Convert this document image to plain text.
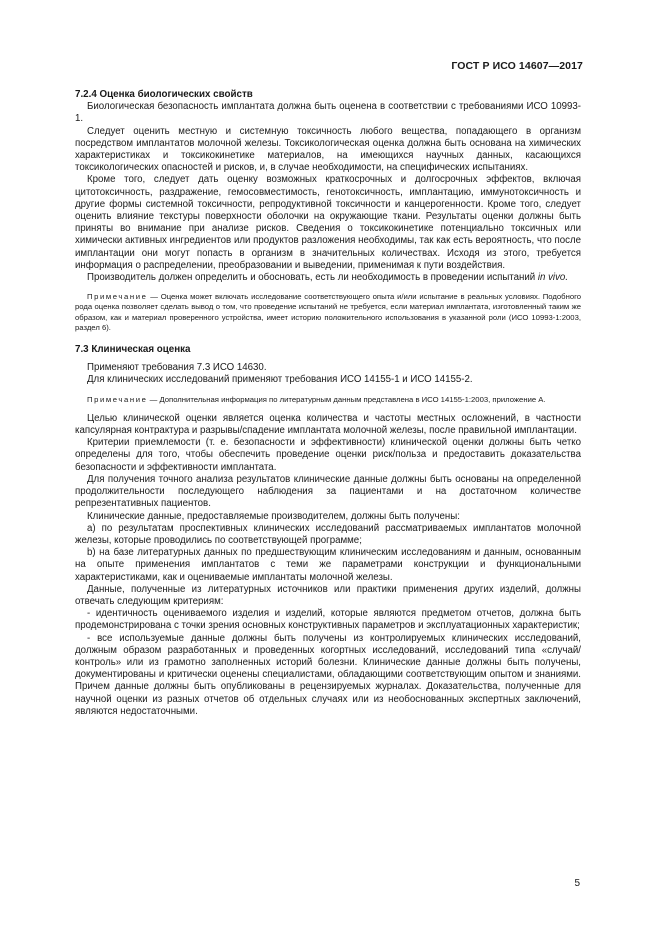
ГОСТ Р ИСО 14607—2017
7.2.4 Оценка биологических свойств

Биологическая безопасность имплантата должна быть оценена в соответствии с требованиями ИСО 10993-1.

Следует оценить местную и системную токсичность любого вещества, попадающего в организм посредством имплантатов молочной железы. Токсикологическая оценка должна быть основана на химических характеристиках и токсикокинетике материалов, на имеющихся научных данных, касающихся токсикологических опасностей и рисков, и, в случае необходимости, на специфических испытаниях.

Кроме того, следует дать оценку возможных краткосрочных и долгосрочных эффектов, включая цитотоксичность, раздражение, гемосовместимость, генотоксичность, имплантацию, иммунотоксичность и другие формы системной токсичности, репродуктивной токсичности и канцерогенности. Кроме того, следует оценить влияние текстуры поверхности оболочки на окружающие ткани. Результаты оценки должны быть приняты во внимание при анализе рисков. Сведения о токсикокинетике потенциально токсичных или химически активных ингредиентов или продуктов разложения необходимы, так как есть вероятность, что после имплантации они могут попасть в организм в значительных количествах. Исходя из этого, требуется информация о распределении, преобразовании и выведении, применимая к пути воздействия.

Производитель должен определить и обосновать, есть ли необходимость в проведении испытаний in vivo.

Примечание — Оценка может включать исследование соответствующего опыта и/или испытание в реальных условиях. Подобного рода оценка позволяет сделать вывод о том, что проведение испытаний не требуется, если материал имплантата, изготовленный таким же образом, как и материал проверенного устройства, имеет историю положительного использования в указанной роли (ИСО 10993-1:2003, раздел 6).

7.3 Клиническая оценка

Применяют требования 7.3 ИСО 14630.

Для клинических исследований применяют требования ИСО 14155-1 и ИСО 14155-2.

Примечание — Дополнительная информация по литературным данным представлена в ИСО 14155-1:2003, приложение А.

Целью клинической оценки является оценка количества и частоты местных осложнений, в частности капсулярная контрактура и разрывы/спадение имплантата молочной железы, после правильной имплантации.

Критерии приемлемости (т. е. безопасности и эффективности) клинической оценки должны быть четко определены для того, чтобы обеспечить проведение оценки риск/польза и предоставить доказательства безопасности и эффективности имплантата.

Для получения точного анализа результатов клинические данные должны быть основаны на определенной продолжительности последующего наблюдения за пациентами и на достаточном количестве репрезентативных пациентов.

Клинические данные, предоставляемые производителем, должны быть получены:

а) по результатам проспективных клинических исследований рассматриваемых имплантатов молочной железы, которые проводились по соответствующей программе;

b) на базе литературных данных по предшествующим клиническим исследованиям и данным, основанным на опыте применения имплантатов с теми же параметрами конструкции и функциональными характеристиками, как и оцениваемые имплантаты молочной железы.

Данные, полученные из литературных источников или практики применения других изделий, должны отвечать следующим критериям:

- идентичность оцениваемого изделия и изделий, которые являются предметом отчетов, должна быть продемонстрирована с точки зрения основных конструктивных параметров и эксплуатационных характеристик;

- все используемые данные должны быть получены из контролируемых клинических исследований, должным образом разработанных и проведенных когортных исследований, исследований типа «случай/контроль» или из грамотно заполненных историй болезни. Клинические данные должны быть получены, документированы и критически оценены специалистами, обладающими соответствующим опытом и знаниями. Причем данные должны быть опубликованы в рецензируемых журналах. Доказательства, полученные для научной оценки из разных отчетов об отдельных случаях или из необоснованных экспертных заключений, являются недостаточными.

5
